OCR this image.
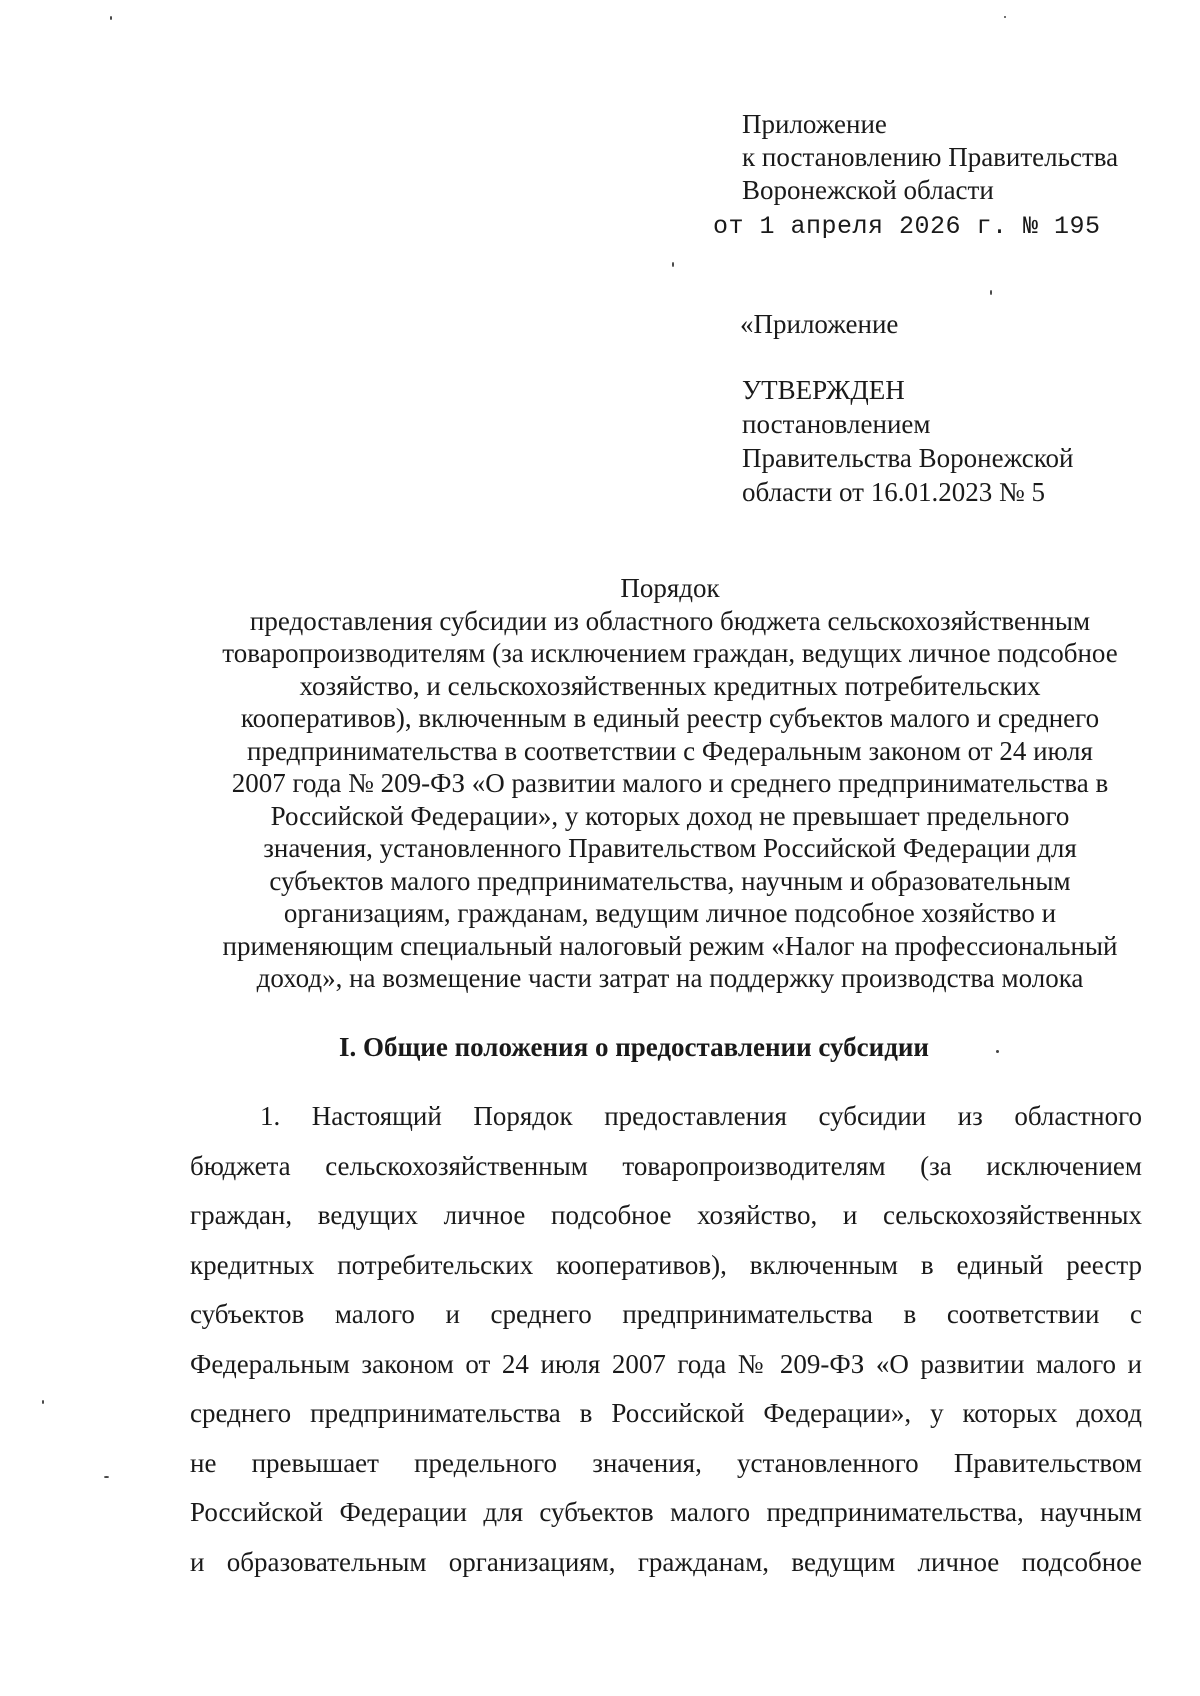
Приложение
к постановлению Правительства
Воронежской области
от 1 апреля 2026 г. № 195
«Приложение
УТВЕРЖДЕН
постановлением
Правительства Воронежской
области от 16.01.2023 № 5
Порядок
предоставления субсидии из областного бюджета сельскохозяйственным
товаропроизводителям (за исключением граждан, ведущих личное подсобное
хозяйство, и сельскохозяйственных кредитных потребительских
кооперативов), включенным в единый реестр субъектов малого и среднего
предпринимательства в соответствии с Федеральным законом от 24 июля
2007 года № 209-ФЗ «О развитии малого и среднего предпринимательства в
Российской Федерации», у которых доход не превышает предельного
значения, установленного Правительством Российской Федерации для
субъектов малого предпринимательства, научным и образовательным
организациям, гражданам, ведущим личное подсобное хозяйство и
применяющим специальный налоговый режим «Налог на профессиональный
доход», на возмещение части затрат на поддержку производства молока
I. Общие положения о предоставлении субсидии
1. Настоящий Порядок предоставления субсидии из областного
бюджета сельскохозяйственным товаропроизводителям (за исключением
граждан, ведущих личное подсобное хозяйство, и сельскохозяйственных
кредитных потребительских кооперативов), включенным в единый реестр
субъектов малого и среднего предпринимательства в соответствии с
Федеральным законом от 24 июля 2007 года № 209-ФЗ «О развитии малого и
среднего предпринимательства в Российской Федерации», у которых доход
не превышает предельного значения, установленного Правительством
Российской Федерации для субъектов малого предпринимательства, научным
и образовательным организациям, гражданам, ведущим личное подсобное
